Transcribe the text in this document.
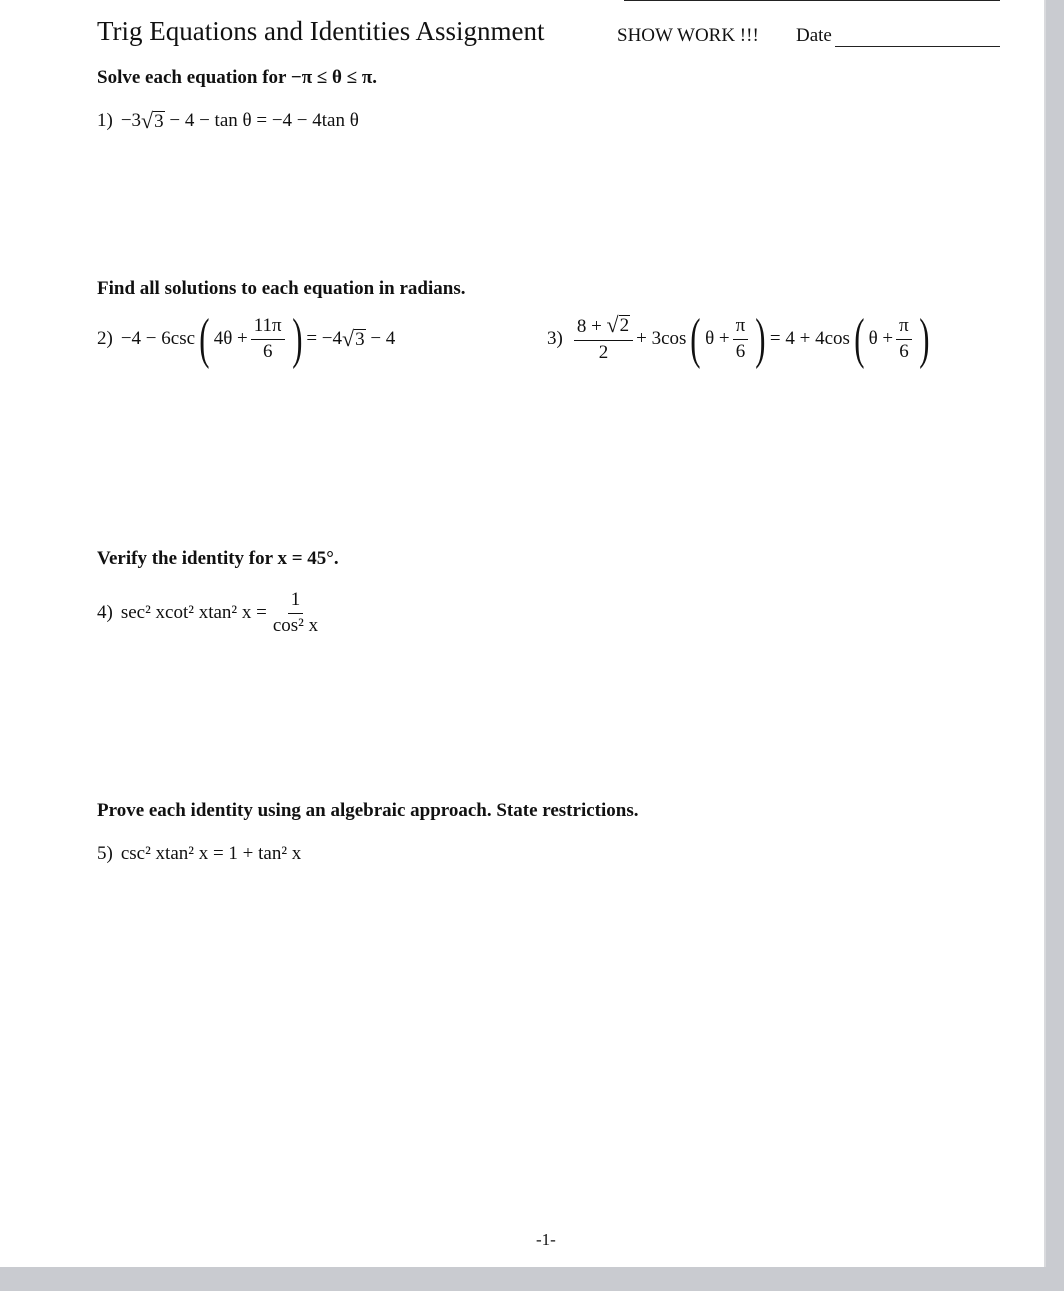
Trig Equations and Identities Assignment	SHOW WORK !!! Date
Solve each equation for −π ≤ θ ≤ π.
1) −3 √ 3 − 4 − tan θ = −4 − 4tan θ
Find all solutions to each equation in radians.
2) −4 − 6csc ( $4\theta + \frac{11\pi}{6}$ ) = −4 √ 3 − 4	$3) \frac{8 + √ 2}{2} + 3\cos$ ( $\theta + \frac{\pi}{6}$ ) = 4 + 4cos ( $\theta + \frac{\pi}{6}$ )
Verify the identity for x = 45°.
4) sec² xcot² xtan² $x = \frac{1}{\text{cos² x}}$
Prove each identity using an algebraic approach. State restrictions.
5) csc² xtan² x = 1 + tan² x
-1-
